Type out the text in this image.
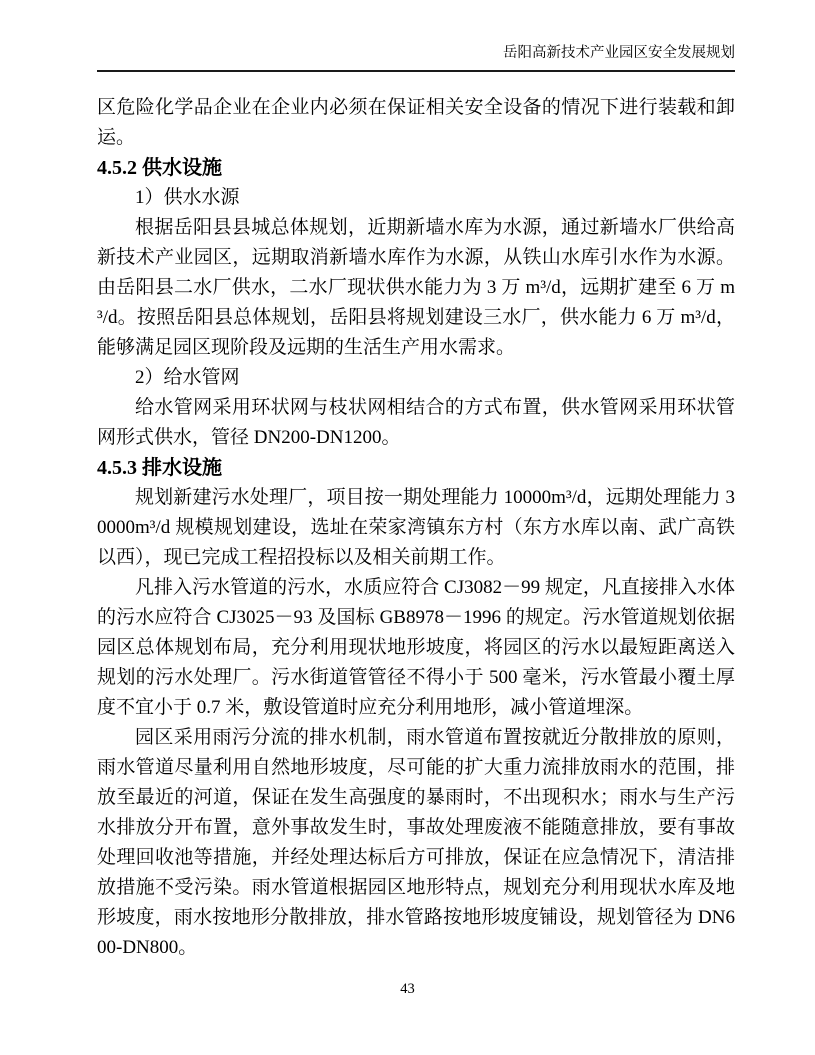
岳阳高新技术产业园区安全发展规划

区危险化学品企业在企业内必须在保证相关安全设备的情况下进行装载和卸运。

4.5.2 供水设施

1）供水水源

根据岳阳县县城总体规划，近期新墙水库为水源，通过新墙水厂供给高新技术产业园区，远期取消新墙水库作为水源，从铁山水库引水作为水源。由岳阳县二水厂供水，二水厂现状供水能力为 3 万 m³/d，远期扩建至 6 万 m³/d。按照岳阳县总体规划，岳阳县将规划建设三水厂，供水能力 6 万 m³/d，能够满足园区现阶段及远期的生活生产用水需求。

2）给水管网

给水管网采用环状网与枝状网相结合的方式布置，供水管网采用环状管网形式供水，管径 DN200-DN1200。

4.5.3 排水设施

规划新建污水处理厂，项目按一期处理能力 10000m³/d，远期处理能力 30000m³/d 规模规划建设，选址在荣家湾镇东方村（东方水库以南、武广高铁以西），现已完成工程招投标以及相关前期工作。

凡排入污水管道的污水，水质应符合 CJ3082－99 规定，凡直接排入水体的污水应符合 CJ3025－93 及国标 GB8978－1996 的规定。污水管道规划依据园区总体规划布局，充分利用现状地形坡度，将园区的污水以最短距离送入规划的污水处理厂。污水街道管管径不得小于 500 毫米，污水管最小覆土厚度不宜小于 0.7 米，敷设管道时应充分利用地形，减小管道埋深。

园区采用雨污分流的排水机制，雨水管道布置按就近分散排放的原则，雨水管道尽量利用自然地形坡度，尽可能的扩大重力流排放雨水的范围，排放至最近的河道，保证在发生高强度的暴雨时，不出现积水；雨水与生产污水排放分开布置，意外事故发生时，事故处理废液不能随意排放，要有事故处理回收池等措施，并经处理达标后方可排放，保证在应急情况下，清洁排放措施不受污染。雨水管道根据园区地形特点，规划充分利用现状水库及地形坡度，雨水按地形分散排放，排水管路按地形坡度铺设，规划管径为 DN600-DN800。

43
